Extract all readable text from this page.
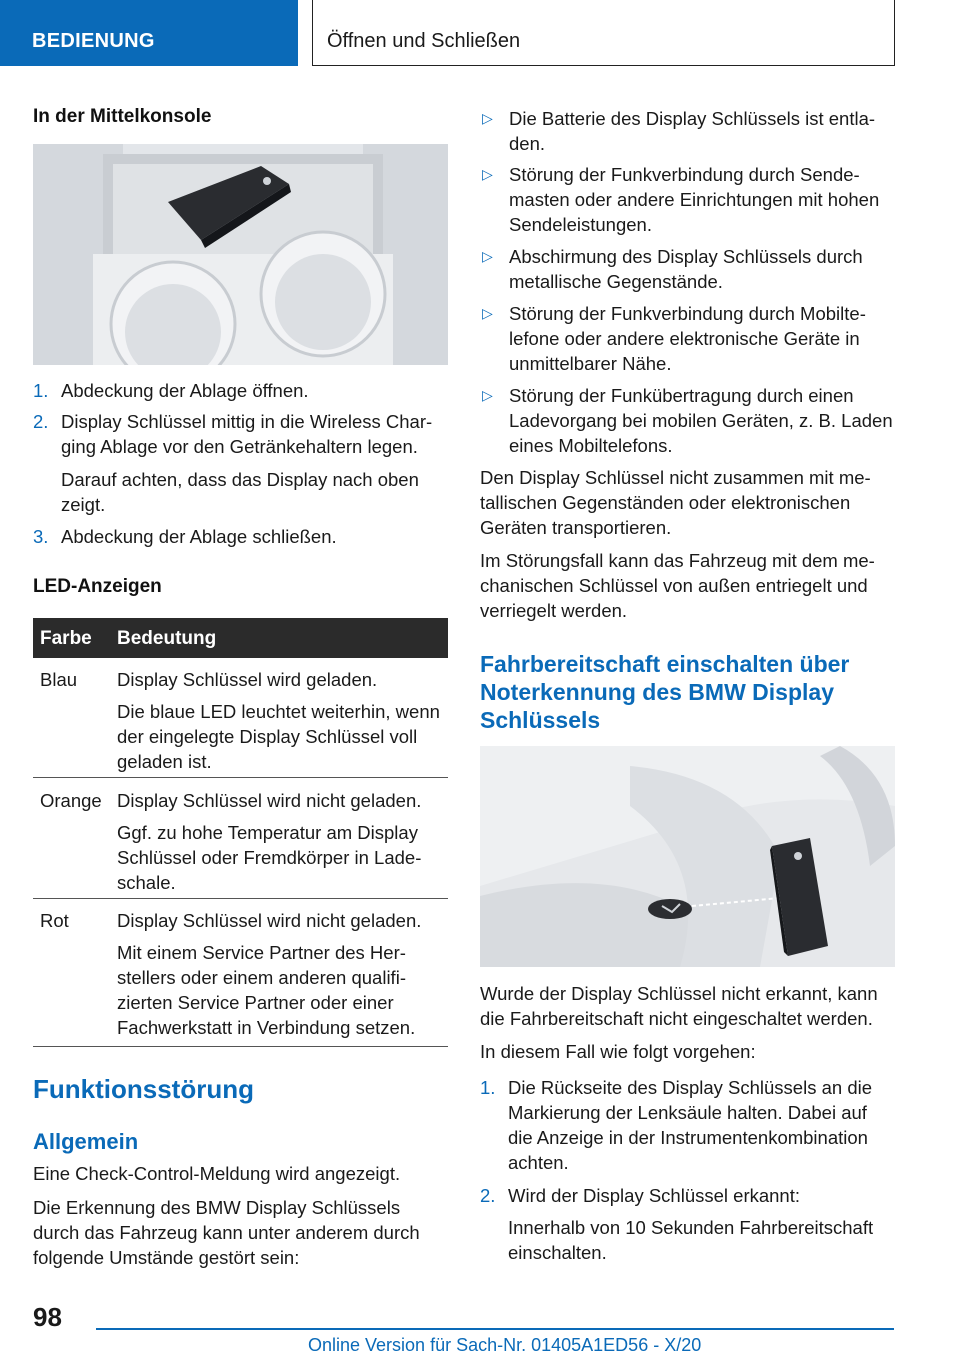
BEDIENUNG	Öffnen und Schließen
In der Mittelkonsole
1. Abdeckung der Ablage öffnen.
2. Display Schlüssel mittig in die Wireless Charging Ablage vor den Getränkehaltern legen.
Darauf achten, dass das Display nach oben zeigt.
3. Abdeckung der Ablage schließen.
LED-Anzeigen
Farbe Bedeutung
Blau Display Schlüssel wird geladen.

Die blaue LED leuchtet weiterhin, wenn der eingelegte Display Schlüssel voll geladen ist.

Orange Display Schlüssel wird nicht geladen.

Ggf. zu hohe Temperatur am Display Schlüssel oder Fremdkörper in Ladeschale.

Rot	Display Schlüssel wird nicht geladen.

Mit einem Service Partner des Herstellers oder einem anderen qualifizierten Service Partner oder einer Fachwerkstatt in Verbindung setzen.

Funktionsstörung
Allgemein
Eine Check-Control-Meldung wird angezeigt.
Die Erkennung des BMW Display Schlüssels durch das Fahrzeug kann unter anderem durch folgende Umstände gestört sein:
▷ Die Batterie des Display Schlüssels ist entladen.
▷ Störung der Funkverbindung durch Sendemasten oder andere Einrichtungen mit hohen Sendeleistungen.
▷ Abschirmung des Display Schlüssels durch metallische Gegenstände.
▷ Störung der Funkverbindung durch Mobiltelefone oder andere elektronische Geräte in unmittelbarer Nähe.
▷ Störung der Funkübertragung durch einen Ladevorgang bei mobilen Geräten, z. B. Laden eines Mobiltelefons.
Den Display Schlüssel nicht zusammen mit metallischen Gegenständen oder elektronischen Geräten transportieren.
Im Störungsfall kann das Fahrzeug mit dem mechanischen Schlüssel von außen entriegelt und verriegelt werden.
Fahrbereitschaft einschalten über Noterkennung des BMW Display Schlüssels
Wurde der Display Schlüssel nicht erkannt, kann die Fahrbereitschaft nicht eingeschaltet werden.
In diesem Fall wie folgt vorgehen:
1. Die Rückseite des Display Schlüssels an die Markierung der Lenksäule halten. Dabei auf die Anzeige in der Instrumentenkombination achten.
2. Wird der Display Schlüssel erkannt:
Innerhalb von 10 Sekunden Fahrbereitschaft einschalten.
98
Online Version für Sach-Nr. 01405A1ED56 - X/20
